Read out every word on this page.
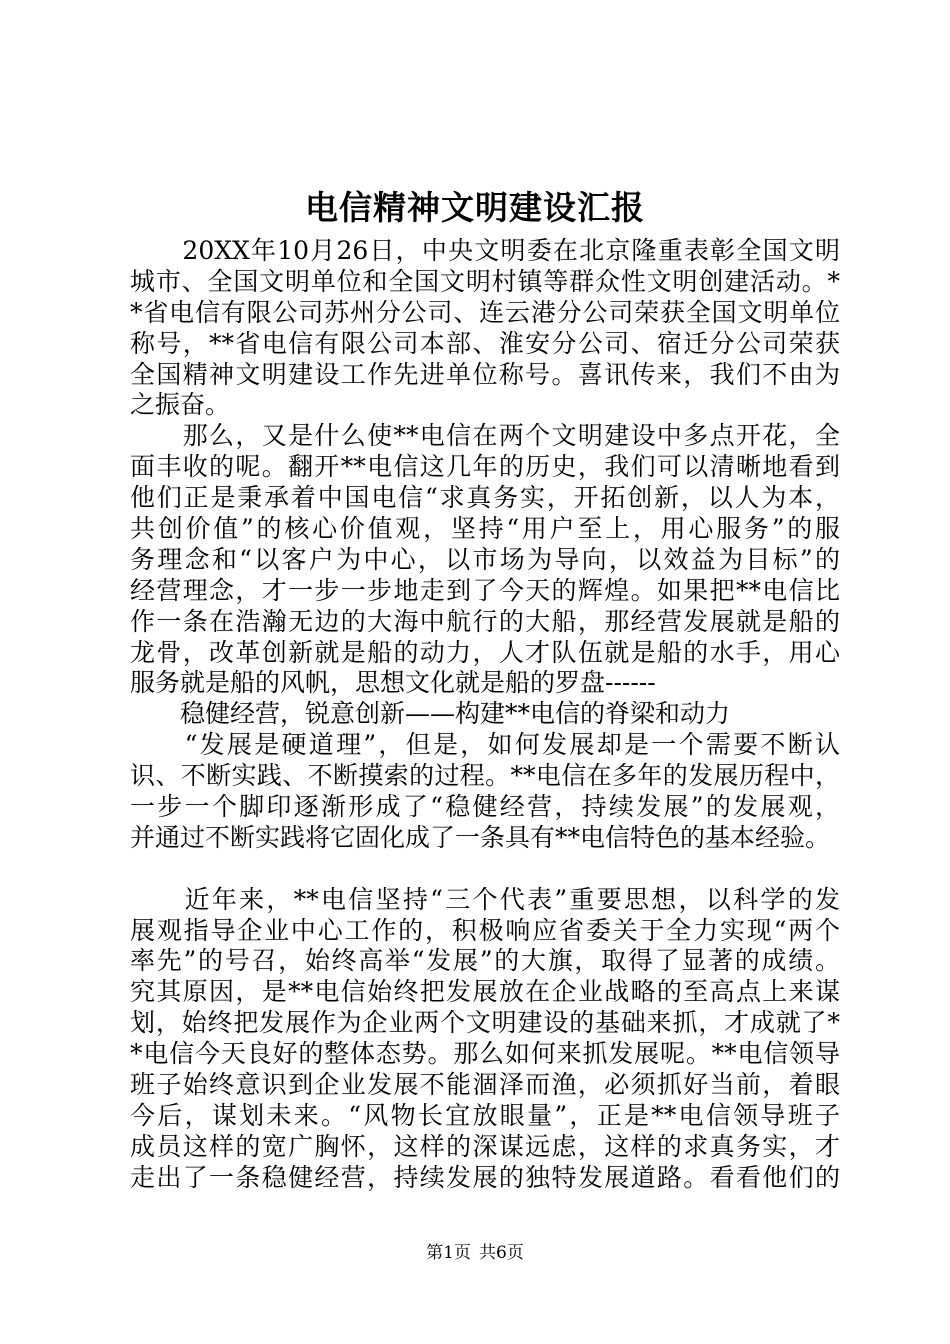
电信精神文明建设汇报
　　20XX年10月26日，中央文明委在北京隆重表彰全国文明
城市、全国文明单位和全国文明村镇等群众性文明创建活动。*
*省电信有限公司苏州分公司、连云港分公司荣获全国文明单位
称号，**省电信有限公司本部、淮安分公司、宿迁分公司荣获
全国精神文明建设工作先进单位称号。喜讯传来，我们不由为
之振奋。
　　那么，又是什么使**电信在两个文明建设中多点开花，全
面丰收的呢。翻开**电信这几年的历史，我们可以清晰地看到
他们正是秉承着中国电信“求真务实，开拓创新，以人为本，
共创价值”的核心价值观，坚持“用户至上，用心服务”的服
务理念和“以客户为中心，以市场为导向，以效益为目标”的
经营理念，才一步一步地走到了今天的辉煌。如果把**电信比
作一条在浩瀚无边的大海中航行的大船，那经营发展就是船的
龙骨，改革创新就是船的动力，人才队伍就是船的水手，用心
服务就是船的风帆，思想文化就是船的罗盘------
　　稳健经营，锐意创新——构建**电信的脊梁和动力
　　“发展是硬道理”，但是，如何发展却是一个需要不断认
识、不断实践、不断摸索的过程。**电信在多年的发展历程中，
一步一个脚印逐渐形成了“稳健经营，持续发展”的发展观，
并通过不断实践将它固化成了一条具有**电信特色的基本经验。
　　近年来，**电信坚持“三个代表”重要思想，以科学的发
展观指导企业中心工作的，积极响应省委关于全力实现“两个
率先”的号召，始终高举“发展”的大旗，取得了显著的成绩。
究其原因，是**电信始终把发展放在企业战略的至高点上来谋
划，始终把发展作为企业两个文明建设的基础来抓，才成就了*
*电信今天良好的整体态势。那么如何来抓发展呢。**电信领导
班子始终意识到企业发展不能涸泽而渔，必须抓好当前，着眼
今后，谋划未来。“风物长宜放眼量”，正是**电信领导班子
成员这样的宽广胸怀，这样的深谋远虑，这样的求真务实，才
走出了一条稳健经营，持续发展的独特发展道路。看看他们的
第1页 共6页
